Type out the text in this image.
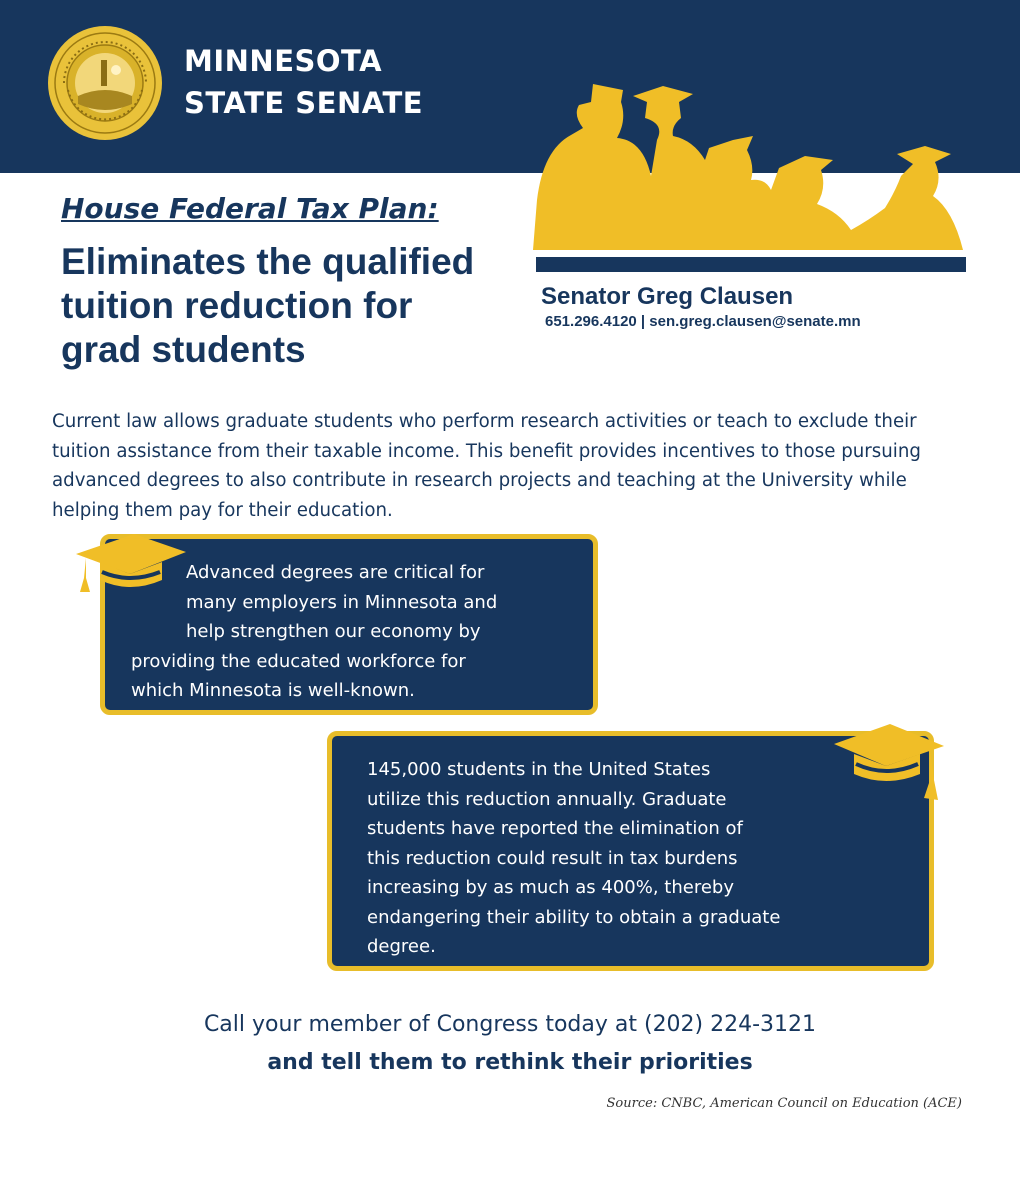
MINNESOTA
STATE SENATE
Senator Greg Clausen
651.296.4120 | sen.greg.clausen@senate.mn
House Federal Tax Plan:
Eliminates the qualified
tuition reduction for
grad students
Current law allows graduate students who perform research activities or teach to exclude their
tuition assistance from their taxable income. This benefit provides incentives to those pursuing
advanced degrees to also contribute in research projects and teaching at the University while
helping them pay for their education.
Advanced degrees are critical for
many employers in Minnesota and
help strengthen our economy by
providing the educated workforce for
which Minnesota is well-known.
145,000 students in the United States
utilize this reduction annually. Graduate
students have reported the elimination of
this reduction could result in tax burdens
increasing by as much as 400%, thereby
endangering their ability to obtain a graduate
degree.
Call your member of Congress today at (202) 224-3121
and tell them to rethink their priorities
Source: CNBC, American Council on Education (ACE)
